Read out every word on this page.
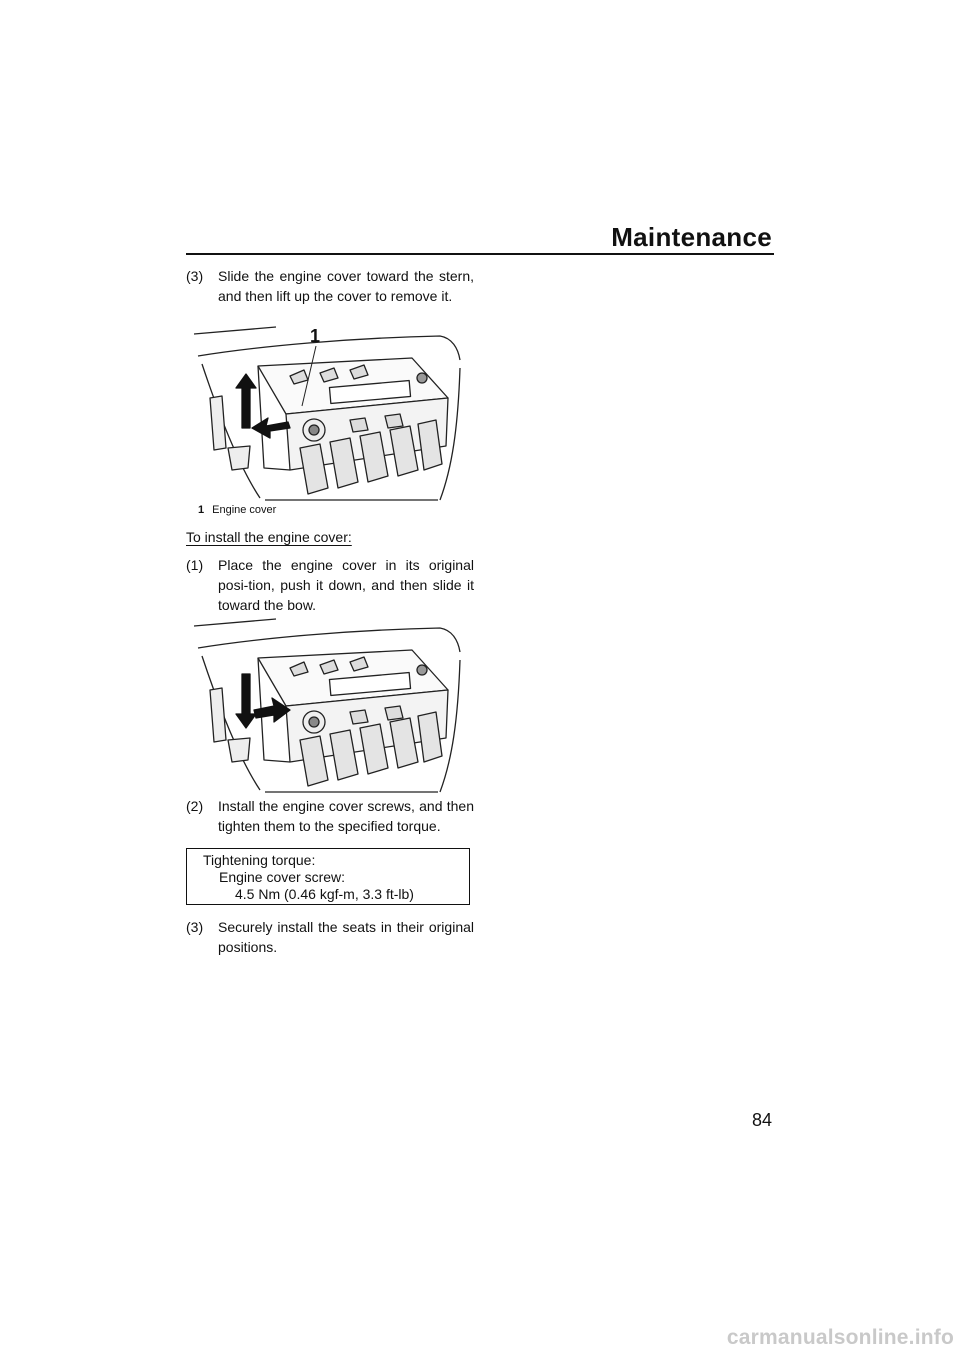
Maintenance
(3)	Slide the engine cover toward the stern, and then lift up the cover to remove it.
1
1 Engine cover
To install the engine cover:
(1)	Place the engine cover in its original posi-tion, push it down, and then slide it toward the bow.
(2)	Install the engine cover screws, and then tighten them to the specified torque.
Tightening torque:
Engine cover screw:
4.5 Nm (0.46 kgf-m, 3.3 ft-lb)
(3)	Securely install the seats in their original positions.
84
carmanualsonline.info
